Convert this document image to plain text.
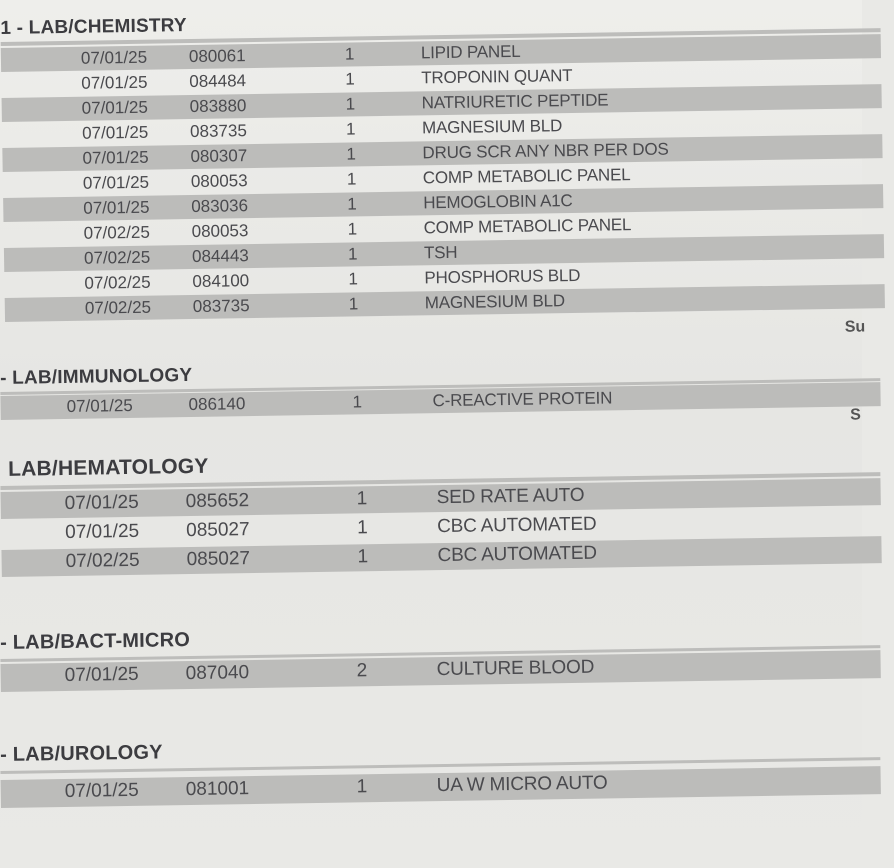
1 - LAB/CHEMISTRY
07/01/25 080061	1	LIPID PANEL
07/01/25 084484	1	TROPONIN QUANT
07/01/25 083880	1	NATRIURETIC PEPTIDE
07/01/25 083735	1	MAGNESIUM BLD
07/01/25 080307	1	DRUG SCR ANY NBR PER DOS
07/01/25 080053	1	COMP METABOLIC PANEL
07/01/25 083036	1	HEMOGLOBIN A1C
07/02/25 080053	1	COMP METABOLIC PANEL
07/02/25 084443	1	TSH
07/02/25 084100	1	PHOSPHORUS BLD
07/02/25 083735	1	MAGNESIUM BLD
Su
- LAB/IMMUNOLOGY
07/01/25	086140	1	C-REACTIVE PROTEIN
S
LAB/HEMATOLOGY
07/01/25 085652	1	SED RATE AUTO
07/01/25 085027	1	CBC AUTOMATED
07/02/25 085027	1	CBC AUTOMATED
- LAB/BACT-MICRO
07/01/25 087040	2	CULTURE BLOOD
- LAB/UROLOGY
07/01/25 081001	1	UA W MICRO AUTO
